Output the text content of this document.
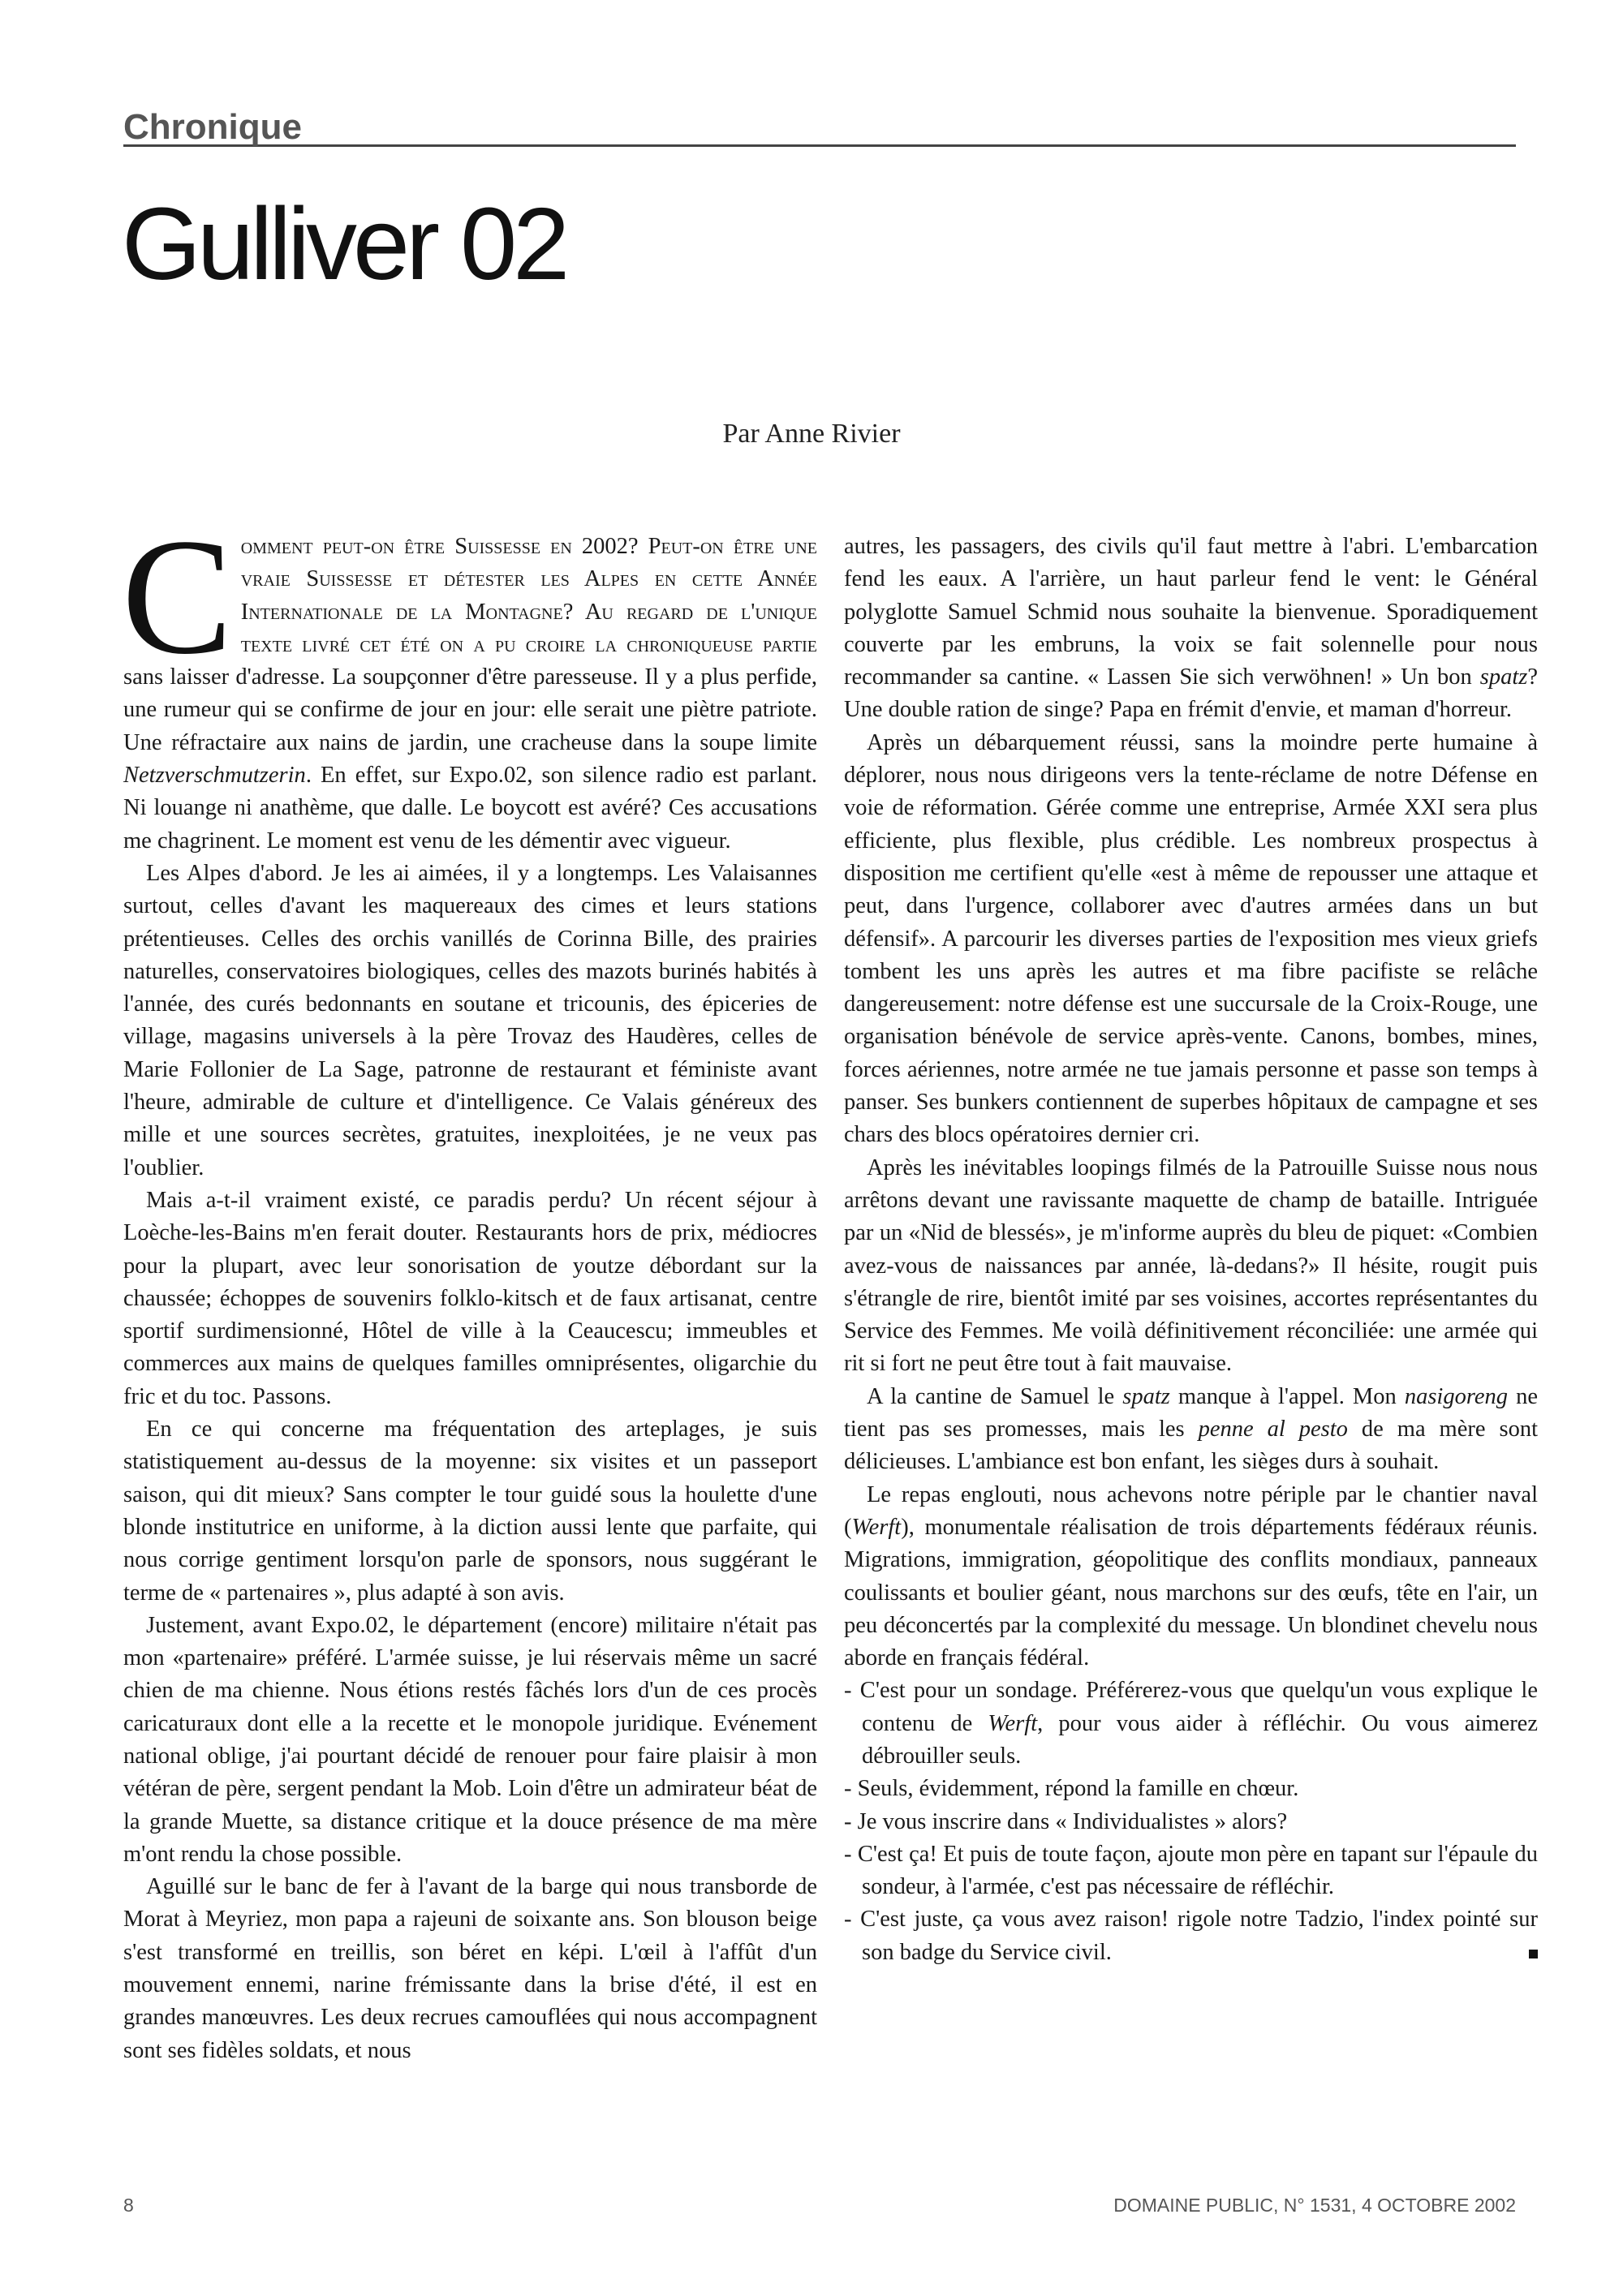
Chronique
Gulliver 02
Par Anne Rivier

Comment peut-on être Suissesse en 2002? Peut-on être une vraie Suissesse et détester les Alpes en cette Année Internationale de la Montagne? Au regard de l'unique texte livré cet été on a pu croire la chroniqueuse partie sans laisser d'adresse. La soupçonner d'être paresseuse. Il y a plus perfide, une rumeur qui se confirme de jour en jour: elle serait une piètre patriote. Une réfractaire aux nains de jardin, une cracheuse dans la soupe limite Netzverschmutzerin. En effet, sur Expo.02, son silence radio est parlant. Ni louange ni anathème, que dalle. Le boycott est avéré? Ces accusations me chagrinent. Le moment est venu de les démentir avec vigueur.

Les Alpes d'abord. Je les ai aimées, il y a longtemps. Les Valaisannes surtout, celles d'avant les maquereaux des cimes et leurs stations prétentieuses. Celles des orchis vanillés de Corinna Bille, des prairies naturelles, conservatoires biologiques, celles des mazots burinés habités à l'année, des curés bedonnants en soutane et tricounis, des épiceries de village, magasins universels à la père Trovaz des Haudères, celles de Marie Follonier de La Sage, patronne de restaurant et féministe avant l'heure, admirable de culture et d'intelligence. Ce Valais généreux des mille et une sources secrètes, gratuites, inexploitées, je ne veux pas l'oublier.

Mais a-t-il vraiment existé, ce paradis perdu? Un récent séjour à Loèche-les-Bains m'en ferait douter. Restaurants hors de prix, médiocres pour la plupart, avec leur sonorisation de youtze débordant sur la chaussée; échoppes de souvenirs folklo-kitsch et de faux artisanat, centre sportif surdimensionné, Hôtel de ville à la Ceaucescu; immeubles et commerces aux mains de quelques familles omniprésentes, oligarchie du fric et du toc. Passons.

En ce qui concerne ma fréquentation des arteplages, je suis statistiquement au-dessus de la moyenne: six visites et un passeport saison, qui dit mieux? Sans compter le tour guidé sous la houlette d'une blonde institutrice en uniforme, à la diction aussi lente que parfaite, qui nous corrige gentiment lorsqu'on parle de sponsors, nous suggérant le terme de « partenaires », plus adapté à son avis.

Justement, avant Expo.02, le département (encore) militaire n'était pas mon «partenaire» préféré. L'armée suisse, je lui réservais même un sacré chien de ma chienne. Nous étions restés fâchés lors d'un de ces procès caricaturaux dont elle a la recette et le monopole juridique. Evénement national oblige, j'ai pourtant décidé de renouer pour faire plaisir à mon vétéran de père, sergent pendant la Mob. Loin d'être un admirateur béat de la grande Muette, sa distance critique et la douce présence de ma mère m'ont rendu la chose possible.

Aguillé sur le banc de fer à l'avant de la barge qui nous transborde de Morat à Meyriez, mon papa a rajeuni de soixante ans. Son blouson beige s'est transformé en treillis, son béret en képi. L'œil à l'affût d'un mouvement ennemi, narine frémissante dans la brise d'été, il est en grandes manœuvres. Les deux recrues camouflées qui nous accompagnent sont ses fidèles soldats, et nous

autres, les passagers, des civils qu'il faut mettre à l'abri. L'embarcation fend les eaux. A l'arrière, un haut parleur fend le vent: le Général polyglotte Samuel Schmid nous souhaite la bienvenue. Sporadiquement couverte par les embruns, la voix se fait solennelle pour nous recommander sa cantine. « Lassen Sie sich verwöhnen! » Un bon spatz? Une double ration de singe? Papa en frémit d'envie, et maman d'horreur.

Après un débarquement réussi, sans la moindre perte humaine à déplorer, nous nous dirigeons vers la tente-réclame de notre Défense en voie de réformation. Gérée comme une entreprise, Armée XXI sera plus efficiente, plus flexible, plus crédible. Les nombreux prospectus à disposition me certifient qu'elle «est à même de repousser une attaque et peut, dans l'urgence, collaborer avec d'autres armées dans un but défensif». A parcourir les diverses parties de l'exposition mes vieux griefs tombent les uns après les autres et ma fibre pacifiste se relâche dangereusement: notre défense est une succursale de la Croix-Rouge, une organisation bénévole de service après-vente. Canons, bombes, mines, forces aériennes, notre armée ne tue jamais personne et passe son temps à panser. Ses bunkers contiennent de superbes hôpitaux de campagne et ses chars des blocs opératoires dernier cri.

Après les inévitables loopings filmés de la Patrouille Suisse nous nous arrêtons devant une ravissante maquette de champ de bataille. Intriguée par un «Nid de blessés», je m'informe auprès du bleu de piquet: «Combien avez-vous de naissances par année, là-dedans?» Il hésite, rougit puis s'étrangle de rire, bientôt imité par ses voisines, accortes représentantes du Service des Femmes. Me voilà définitivement réconciliée: une armée qui rit si fort ne peut être tout à fait mauvaise.

A la cantine de Samuel le spatz manque à l'appel. Mon nasigoreng ne tient pas ses promesses, mais les penne al pesto de ma mère sont délicieuses. L'ambiance est bon enfant, les sièges durs à souhait.

Le repas englouti, nous achevons notre périple par le chantier naval (Werft), monumentale réalisation de trois départements fédéraux réunis. Migrations, immigration, géopolitique des conflits mondiaux, panneaux coulissants et boulier géant, nous marchons sur des œufs, tête en l'air, un peu déconcertés par la complexité du message. Un blondinet chevelu nous aborde en français fédéral.

- C'est pour un sondage. Préférerez-vous que quelqu'un vous explique le contenu de Werft, pour vous aider à réfléchir. Ou vous aimerez débrouiller seuls.

- Seuls, évidemment, répond la famille en chœur.

- Je vous inscrire dans « Individualistes » alors?

- C'est ça! Et puis de toute façon, ajoute mon père en tapant sur l'épaule du sondeur, à l'armée, c'est pas nécessaire de réfléchir.

- C'est juste, ça vous avez raison! rigole notre Tadzio, l'index pointé sur son badge du Service civil.

8	DOMAINE PUBLIC, N° 1531, 4 OCTOBRE 2002
